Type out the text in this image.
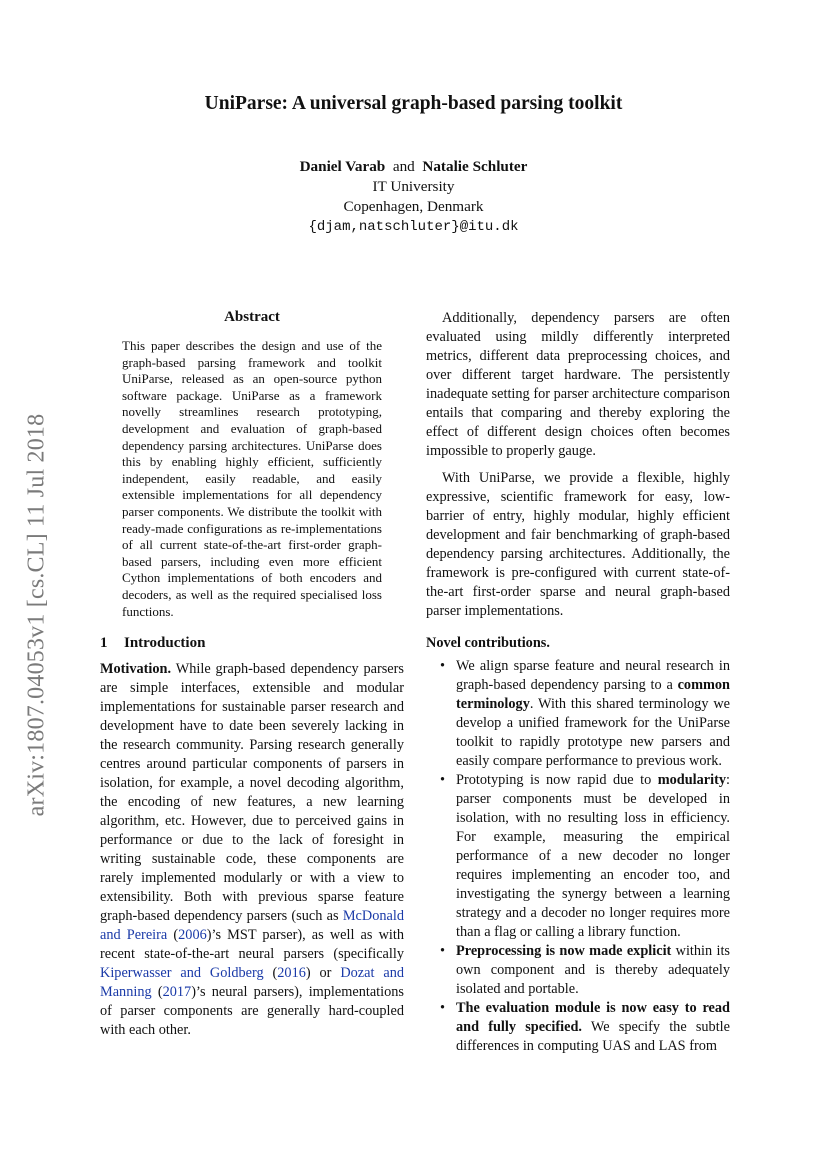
UniParse: A universal graph-based parsing toolkit
Daniel Varab and Natalie Schluter
IT University
Copenhagen, Denmark
{djam,natschluter}@itu.dk
arXiv:1807.04053v1 [cs.CL] 11 Jul 2018
Abstract
This paper describes the design and use of the graph-based parsing framework and toolkit UniParse, released as an open-source python software package. UniParse as a framework novelly streamlines research prototyping, development and evaluation of graph-based dependency parsing architectures. UniParse does this by enabling highly efficient, sufficiently independent, easily readable, and easily extensible implementations for all dependency parser components. We distribute the toolkit with ready-made configurations as re-implementations of all current state-of-the-art first-order graph-based parsers, including even more efficient Cython implementations of both encoders and decoders, as well as the required specialised loss functions.
1 Introduction

Motivation. While graph-based dependency parsers are simple interfaces, extensible and modular implementations for sustainable parser research and development have to date been severely lacking in the research community. Parsing research generally centres around particular components of parsers in isolation, for example, a novel decoding algorithm, the encoding of new features, a new learning algorithm, etc. However, due to perceived gains in performance or due to the lack of foresight in writing sustainable code, these components are rarely implemented modularly or with a view to extensibility. Both with previous sparse feature graph-based dependency parsers (such as McDonald and Pereira (2006)’s MST parser), as well as with recent state-of-the-art neural parsers (specifically Kiperwasser and Goldberg (2016) or Dozat and Manning (2017)’s neural parsers), implementations of parser components are generally hard-coupled with each other.

Additionally, dependency parsers are often evaluated using mildly differently interpreted metrics, different data preprocessing choices, and over different target hardware. The persistently inadequate setting for parser architecture comparison entails that comparing and thereby exploring the effect of different design choices often becomes impossible to properly gauge.

With UniParse, we provide a flexible, highly expressive, scientific framework for easy, low-barrier of entry, highly modular, highly efficient development and fair benchmarking of graph-based dependency parsing architectures. Additionally, the framework is pre-configured with current state-of-the-art first-order sparse and neural graph-based parser implementations.

Novel contributions.
• We align sparse feature and neural research in graph-based dependency parsing to a common terminology. With this shared terminology we develop a unified framework for the UniParse toolkit to rapidly prototype new parsers and easily compare performance to previous work.
• Prototyping is now rapid due to modularity: parser components must be developed in isolation, with no resulting loss in efficiency. For example, measuring the empirical performance of a new decoder no longer requires implementing an encoder too, and investigating the synergy between a learning strategy and a decoder no longer requires more than a flag or calling a library function.
• Preprocessing is now made explicit within its own component and is thereby adequately isolated and portable.
• The evaluation module is now easy to read and fully specified. We specify the subtle differences in computing UAS and LAS from
